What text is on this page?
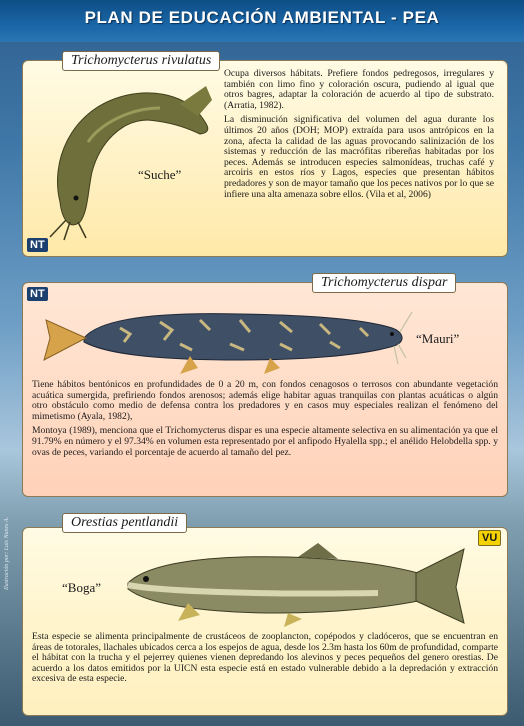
PLAN DE EDUCACIÓN AMBIENTAL - PEA
Trichomycterus rivulatus
“Suche”
NT

Ocupa diversos hábitats. Prefiere fondos pedregosos, irregulares y también con limo fino y coloración oscura, pudiendo al igual que otros bagres, adaptar la coloración de acuerdo al tipo de substrato. (Arratia, 1982).

La disminución significativa del volumen del agua durante los últimos 20 años (DOH; MOP) extraída para usos antrópicos en la zona, afecta la calidad de las aguas provocando salinización de los sistemas y reducción de las macrófitas ribereñas habitadas por los peces. Además se introducen especies salmonídeas, truchas café y arcoiris en estos ríos y Lagos, especies que presentan hábitos predadores y son de mayor tamaño que los peces nativos por lo que se infiere una alta amenaza sobre ellos. (Vila et al, 2006)

NT
Trichomycterus dispar
“Mauri”

Tiene hábitos bentónicos en profundidades de 0 a 20 m, con fondos cenagosos o terrosos con abundante vegetación acuática sumergida, prefiriendo fondos arenosos; además elige habitar aguas tranquilas con plantas acuáticas o algún otro obstáculo como medio de defensa contra los predadores y en casos muy especiales realizan el fenómeno del mimetismo (Ayala, 1982),

Montoya (1989), menciona que el Trichomycterus dispar es una especie altamente selectiva en su alimentación ya que el 91.79% en número y el 97.34% en volumen esta representado por el anfipodo Hyalella spp.; el anélido Helobdella spp. y ovas de peces, variando el porcentaje de acuerdo al tamaño del pez.

Orestias pentlandii
VU
“Boga”

Esta especie se alimenta principalmente de crustáceos de zooplancton, copépodos y cladóceros, que se encuentran en áreas de totorales, llachales ubicados cerca a los espejos de agua, desde los 2.3m hasta los 60m de profundidad, comparte el hábitat con la trucha y el pejerrey quienes vienen depredando los alevinos y peces pequeños del genero orestias. De acuerdo a los datos emitidos por la UICN esta especie está en estado vulnerable debido a la depredación y extracción excesiva de esta especie.

Ilustración por: Luis Nunes A.
